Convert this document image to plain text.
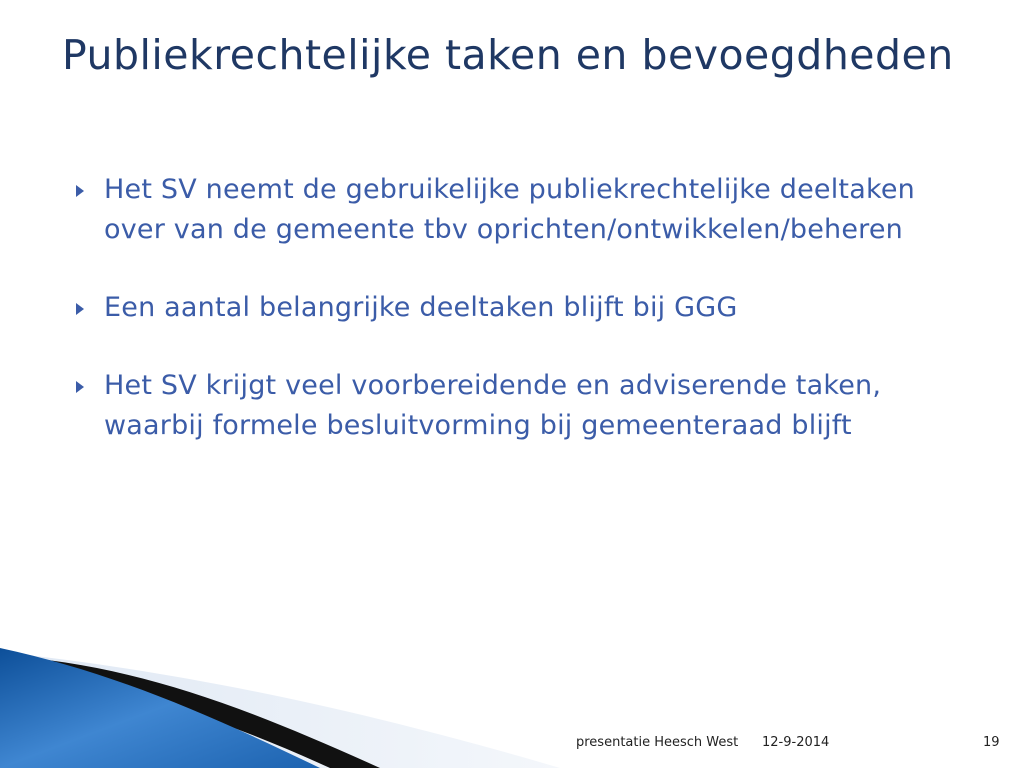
Publiekrechtelijke taken en bevoegdheden
Het SV neemt de gebruikelijke publiekrechtelijke deeltaken over van de gemeente tbv oprichten/ontwikkelen/beheren
Een aantal belangrijke deeltaken blijft bij GGG
Het SV krijgt veel voorbereidende en adviserende taken, waarbij formele besluitvorming bij gemeenteraad blijft
presentatie Heesch West 12-9-2014	19
